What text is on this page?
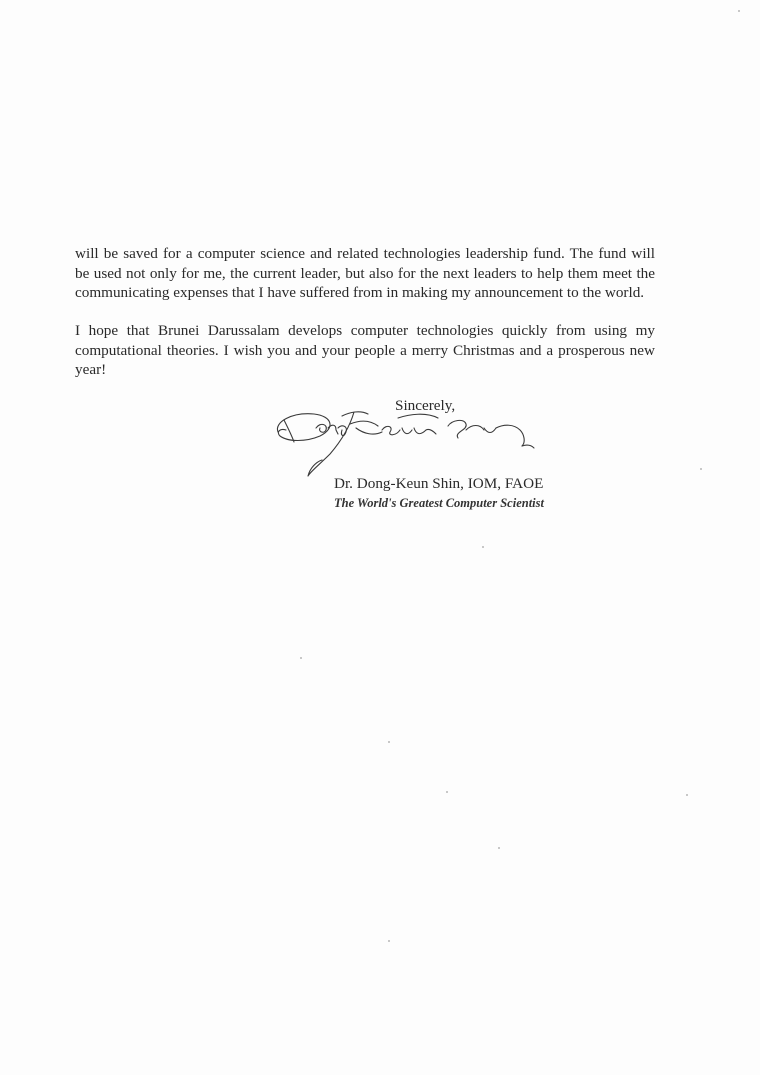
will be saved for a computer science and related technologies leadership fund. The fund will
be used not only for me, the current leader, but also for the next leaders to help them meet the
communicating expenses that I have suffered from in making my announcement to the world.

I hope that Brunei Darussalam develops computer technologies quickly from using my
computational theories. I wish you and your people a merry Christmas and a prosperous new
year!

Sincerely,
Dr. Dong-Keun Shin, IOM, FAOE
The World's Greatest Computer Scientist
